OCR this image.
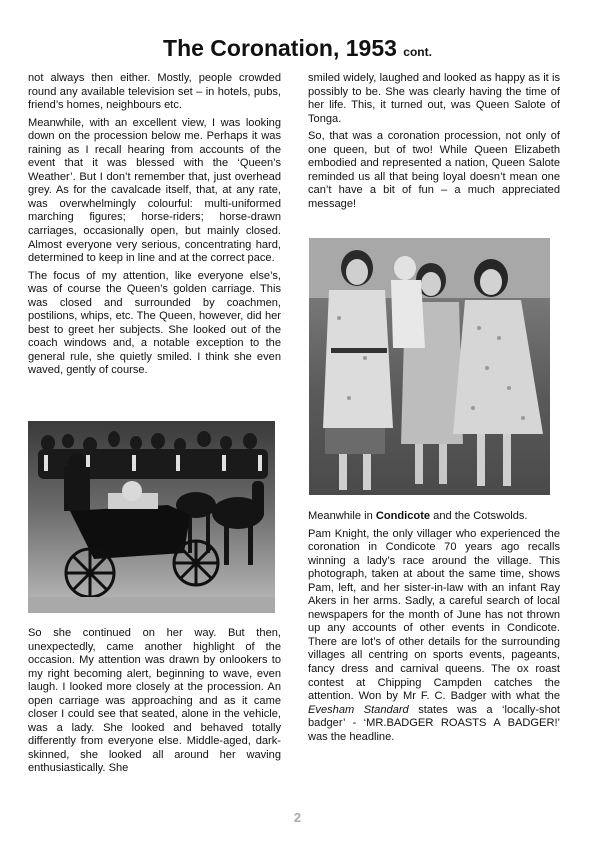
The Coronation, 1953 cont.

not always then either. Mostly, people crowded round any available television set – in hotels, pubs, friend’s homes, neighbours etc.

Meanwhile, with an excellent view, I was looking down on the procession below me. Perhaps it was raining as I recall hearing from accounts of the event that it was blessed with the ‘Queen’s Weather’. But I don’t remember that, just overhead grey. As for the cavalcade itself, that, at any rate, was overwhelmingly colourful: multi-uniformed marching figures; horse-riders; horse-drawn carriages, occasionally open, but mainly closed. Almost everyone very serious, concentrating hard, determined to keep in line and at the correct pace.

The focus of my attention, like everyone else’s, was of course the Queen’s golden carriage. This was closed and surrounded by coachmen, postilions, whips, etc. The Queen, however, did her best to greet her subjects. She looked out of the coach windows and, a notable exception to the general rule, she quietly smiled. I think she even waved, gently of course.

So she continued on her way. But then, unexpectedly, came another highlight of the occasion. My attention was drawn by onlookers to my right becoming alert, beginning to wave, even laugh. I looked more closely at the procession. An open carriage was approaching and as it came closer I could see that seated, alone in the vehicle, was a lady. She looked and behaved totally differently from everyone else. Middle-aged, dark-skinned, she looked all around her waving enthusiastically. She

smiled widely, laughed and looked as happy as it is possibly to be. She was clearly having the time of her life. This, it turned out, was Queen Salote of Tonga.

So, that was a coronation procession, not only of one queen, but of two! While Queen Elizabeth embodied and represented a nation, Queen Salote reminded us all that being loyal doesn’t mean one can’t have a bit of fun – a much appreciated message!

Meanwhile in Condicote and the Cotswolds.

Pam Knight, the only villager who experienced the coronation in Condicote 70 years ago recalls winning a lady’s race around the village. This photograph, taken at about the same time, shows Pam, left, and her sister-in-law with an infant Ray Akers in her arms. Sadly, a careful search of local newspapers for the month of June has not thrown up any accounts of other events in Condicote. There are lot’s of other details for the surrounding villages all centring on sports events, pageants, fancy dress and carnival queens. The ox roast contest at Chipping Campden catches the attention. Won by Mr F. C. Badger with what the Evesham Standard states was a ‘locally-shot badger’ - ‘MR.BADGER ROASTS A BADGER!’ was the headline.

2
